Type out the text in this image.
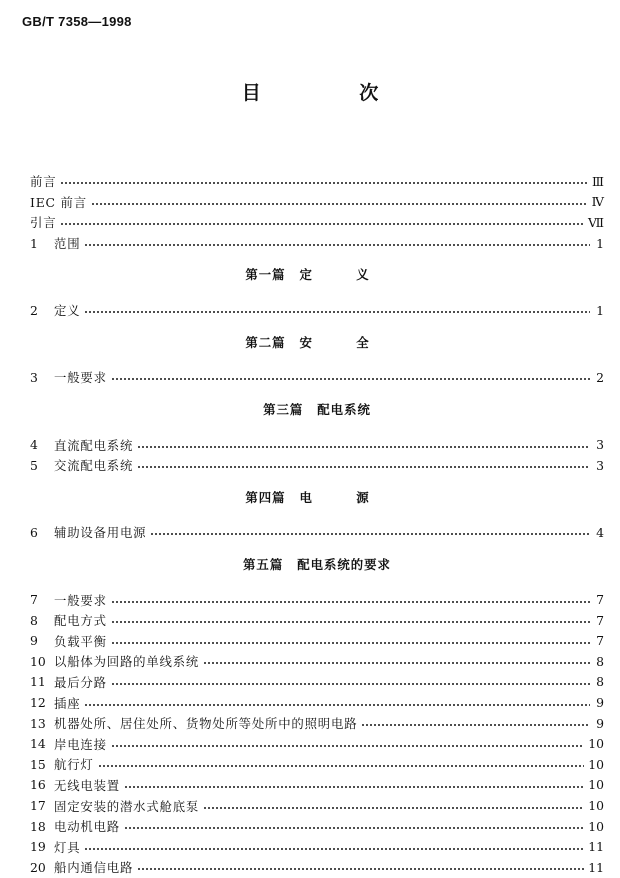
GB/T 7358—1998
目 次
前言	Ⅲ
IEC 前言	Ⅳ
引言	Ⅶ
1	范围	1
第一篇 定 义
2	定义	1
第二篇 安 全
3	一般要求	2
第三篇 配电系统
4	直流配电系统	3
5	交流配电系统	3
第四篇 电 源
6	辅助设备用电源	4
第五篇 配电系统的要求
7	一般要求	7
8	配电方式	7
9	负载平衡	7
10 以船体为回路的单线系统	8
11 最后分路	8
12 插座	9
13 机器处所、居住处所、货物处所等处所中的照明电路	9
14 岸电连接	10
15 航行灯	10
16 无线电装置	10
17 固定安装的潜水式舱底泵	10
18 电动机电路	10
19 灯具	11
20 船内通信电路	11
